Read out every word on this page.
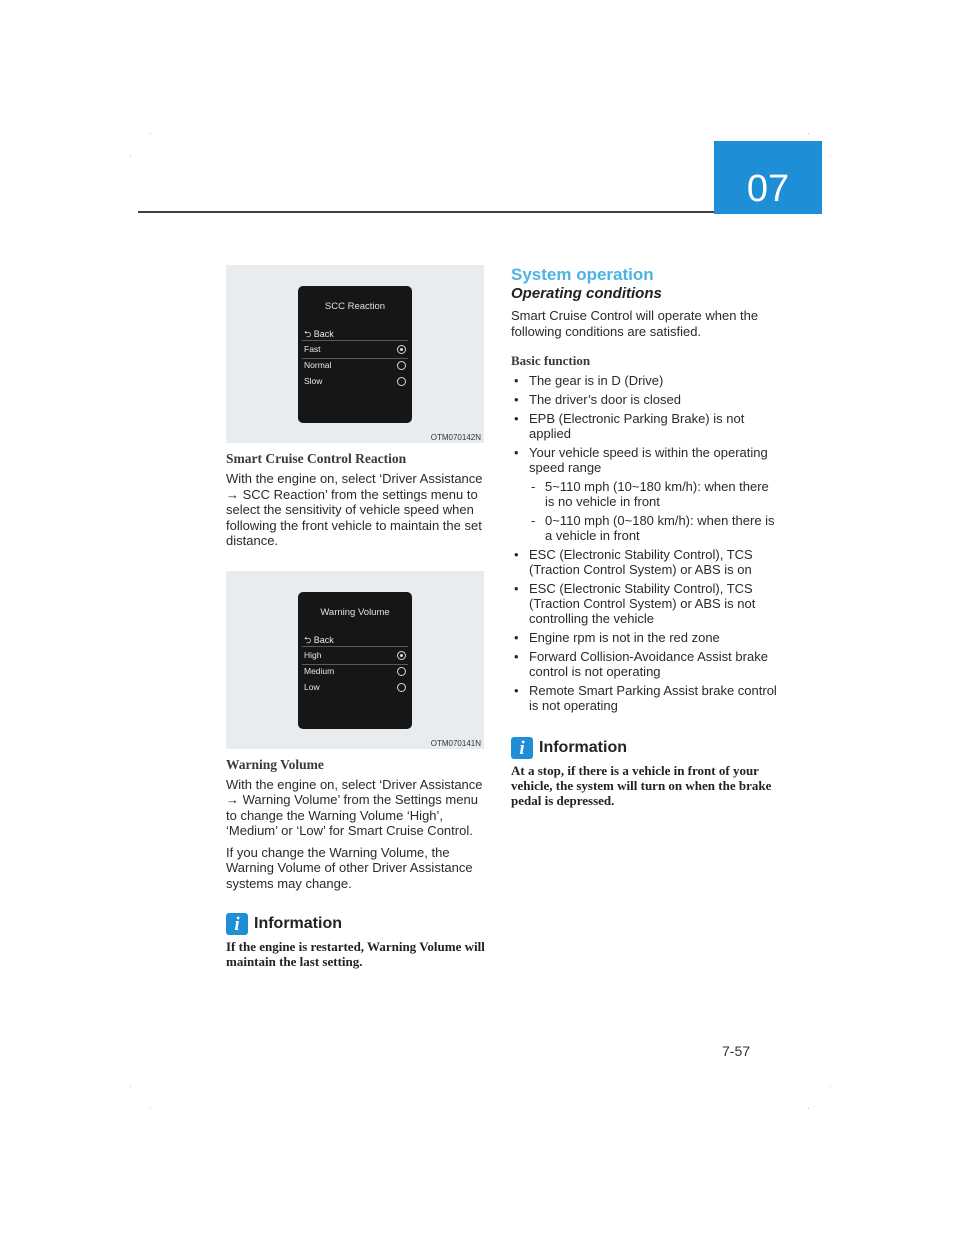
07
SCC Reaction
⮌ Back
Fast
Normal
Slow
OTM070142N
Smart Cruise Control Reaction

With the engine on, select ‘Driver Assistance → SCC Reaction’ from the settings menu to select the sensitivity of vehicle speed when following the front vehicle to maintain the set distance.

Warning Volume
⮌ Back
High
Medium
Low
OTM070141N
Warning Volume

With the engine on, select ‘Driver Assistance → Warning Volume’ from the Settings menu to change the Warning Volume ‘High’, ‘Medium’ or ‘Low’ for Smart Cruise Control.

If you change the Warning Volume, the Warning Volume of other Driver Assistance systems may change.

i Information

If the engine is restarted, Warning Volume will maintain the last setting.

System operation
Operating conditions

Smart Cruise Control will operate when the following conditions are satisfied.

Basic function
• The gear is in D (Drive)
• The driver’s door is closed
• EPB (Electronic Parking Brake) is not applied
• Your vehicle speed is within the operating speed range
- 5~110 mph (10~180 km/h): when there is no vehicle in front
- 0~110 mph (0~180 km/h): when there is a vehicle in front
• ESC (Electronic Stability Control), TCS (Traction Control System) or ABS is on
• ESC (Electronic Stability Control), TCS (Traction Control System) or ABS is not controlling the vehicle
• Engine rpm is not in the red zone
• Forward Collision-Avoidance Assist brake control is not operating
• Remote Smart Parking Assist brake control is not operating
i Information

At a stop, if there is a vehicle in front of your vehicle, the system will turn on when the brake pedal is depressed.

7-57
